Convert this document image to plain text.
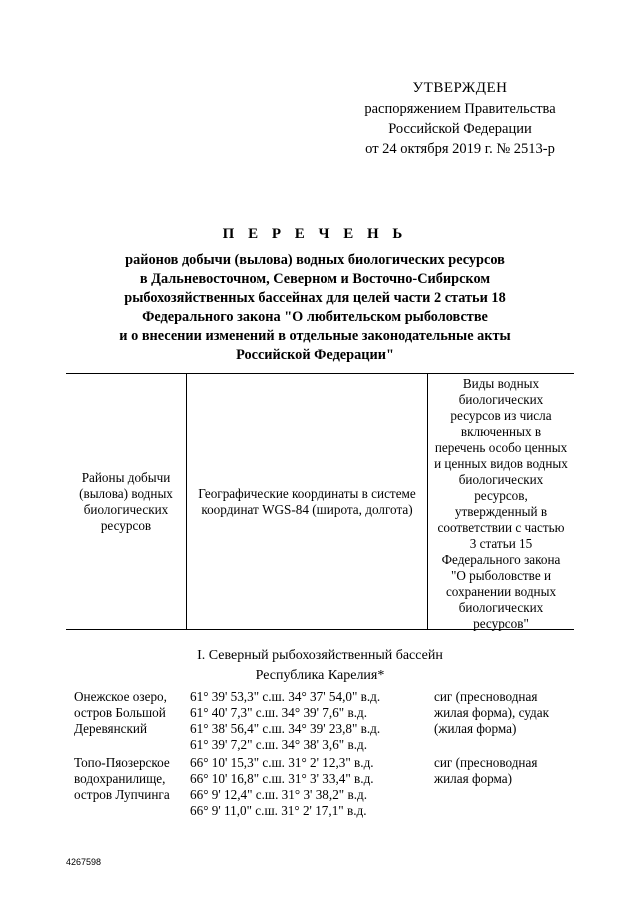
УТВЕРЖДЕН
распоряжением Правительства
Российской Федерации
от 24 октября 2019 г. № 2513-р
П Е Р Е Ч Е Н Ь
районов добычи (вылова) водных биологических ресурсов
в Дальневосточном, Северном и Восточно-Сибирском
рыбохозяйственных бассейнах для целей части 2 статьи 18
Федерального закона "О любительском рыболовстве
и о внесении изменений в отдельные законодательные акты
Российской Федерации"
Районы добычи (вылова) водных биологических ресурсов
Географические координаты в системе координат WGS-84 (широта, долгота)
Виды водных биологических ресурсов из числа включенных в перечень особо ценных и ценных видов водных биологических ресурсов, утвержденный в соответствии с частью 3 статьи 15 Федерального закона "О рыболовстве и сохранении водных биологических ресурсов"
I. Северный рыбохозяйственный бассейн
Республика Карелия*
Онежское озеро, остров Большой Деревянский
61° 39' 53,3" с.ш. 34° 37' 54,0" в.д.
61° 40' 7,3" с.ш. 34° 39' 7,6" в.д.
61° 38' 56,4" с.ш. 34° 39' 23,8" в.д.
61° 39' 7,2" с.ш. 34° 38' 3,6" в.д.
сиг (пресноводная жилая форма), судак (жилая форма)
Топо-Пяозерское водохранилище, остров Лупчинга
66° 10' 15,3" с.ш. 31° 2' 12,3" в.д.
66° 10' 16,8" с.ш. 31° 3' 33,4" в.д.
66° 9' 12,4" с.ш. 31° 3' 38,2" в.д.
66° 9' 11,0" с.ш. 31° 2' 17,1" в.д.
сиг (пресноводная жилая форма)
4267598
